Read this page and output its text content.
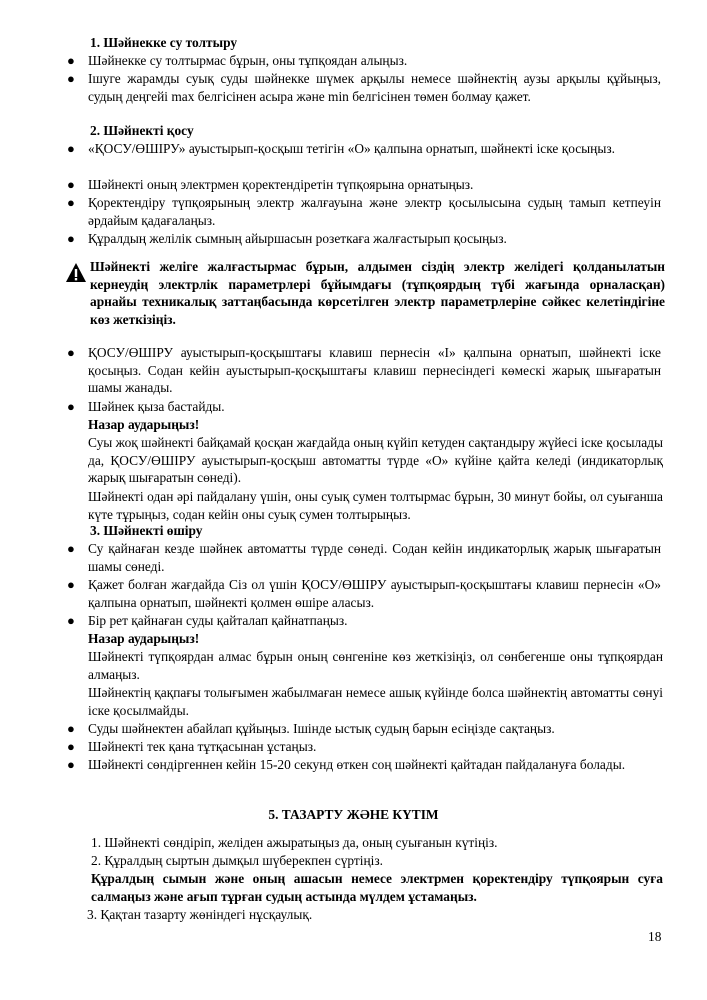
1. Шәйнекке су толтыру
● Шәйнекке су толтырмас бұрын, оны тұпқоядан алыңыз.
● Ішуге жарамды суық суды шәйнекке шүмек арқылы немесе шәйнектің аузы арқылы құйыңыз, судың деңгейі max белгісінен асыра және min белгісінен төмен болмау қажет.
2. Шәйнекті қосу
● «ҚОСУ/ӨШІРУ» ауыстырып-қосқыш тетігін «О» қалпына орнатып, шәйнекті іске қосыңыз.
● Шәйнекті оның электрмен қоректендіретін түпқоярына орнатыңыз.
● Қоректендіру түпқоярының электр жалғауына және электр қосылысына судың тамып кетпеуін әрдайым қадағалаңыз.
● Құралдың желілік сымның айыршасын розеткаға жалғастырып қосыңыз.
Шәйнекті желіге жалғастырмас бұрын, алдымен сіздің электр желідегі қолданылатын кернеудің электрлік параметрлері бұйымдағы (тұпқоярдың түбі жағында орналасқан) арнайы техникалық заттаңбасында көрсетілген электр параметрлеріне сәйкес келетіндігіне көз жеткізіңіз.
● ҚОСУ/ӨШІРУ ауыстырып-қосқыштағы клавиш пернесін «І» қалпына орнатып, шәйнекті іске қосыңыз. Содан кейін ауыстырып-қосқыштағы клавиш пернесіндегі көмескі жарық шығаратын шамы жанады.
● Шәйнек қыза бастайды.
Назар аударыңыз!
Суы жоқ шәйнекті байқамай қосқан жағдайда оның күйіп кетуден сақтандыру жүйесі іске қосылады да, ҚОСУ/ӨШІРУ ауыстырып-қосқыш автоматты түрде «О» күйіне қайта келеді (индикаторлық жарық шығаратын сөнеді).
Шәйнекті одан әрі пайдалану үшін, оны суық сумен толтырмас бұрын, 30 минут бойы, ол суығанша күте тұрыңыз, содан кейін оны суық сумен толтырыңыз.
3. Шәйнекті өшіру
● Су қайнаған кезде шәйнек автоматты түрде сөнеді. Содан кейін индикаторлық жарық шығаратын шамы сөнеді.
● Қажет болған жағдайда Сіз ол үшін ҚОСУ/ӨШІРУ ауыстырып-қосқыштағы клавиш пернесін «О» қалпына орнатып, шәйнекті қолмен өшіре аласыз.
● Бір рет қайнаған суды қайталап қайнатпаңыз.
Назар аударыңыз!
Шәйнекті түпқоярдан алмас бұрын оның сөнгеніне көз жеткізіңіз, ол сөнбегенше оны тұпқоярдан алмаңыз.
Шәйнектің қақпағы толығымен жабылмаған немесе ашық күйінде болса шәйнектің автоматты сөнуі іске қосылмайды.
● Суды шәйнектен абайлап құйыңыз. Ішінде ыстық судың барын есіңізде сақтаңыз.
● Шәйнекті тек қана тұтқасынан ұстаңыз.
● Шәйнекті сөндіргеннен кейін 15-20 секунд өткен соң шәйнекті қайтадан пайдалануға болады.
5. ТАЗАРТУ ЖӘНЕ КҮТІМ
1. Шәйнекті сөндіріп, желіден ажыратыңыз да, оның суығанын күтіңіз.
2. Құралдың сыртын дымқыл шүберекпен сүртіңіз.
Құралдың сымын және оның ашасын немесе электрмен қоректендіру түпқоярын суға салмаңыз және ағып тұрған судың астында мүлдем ұстамаңыз.
3. Қақтан тазарту жөніндегі нұсқаулық.
18
